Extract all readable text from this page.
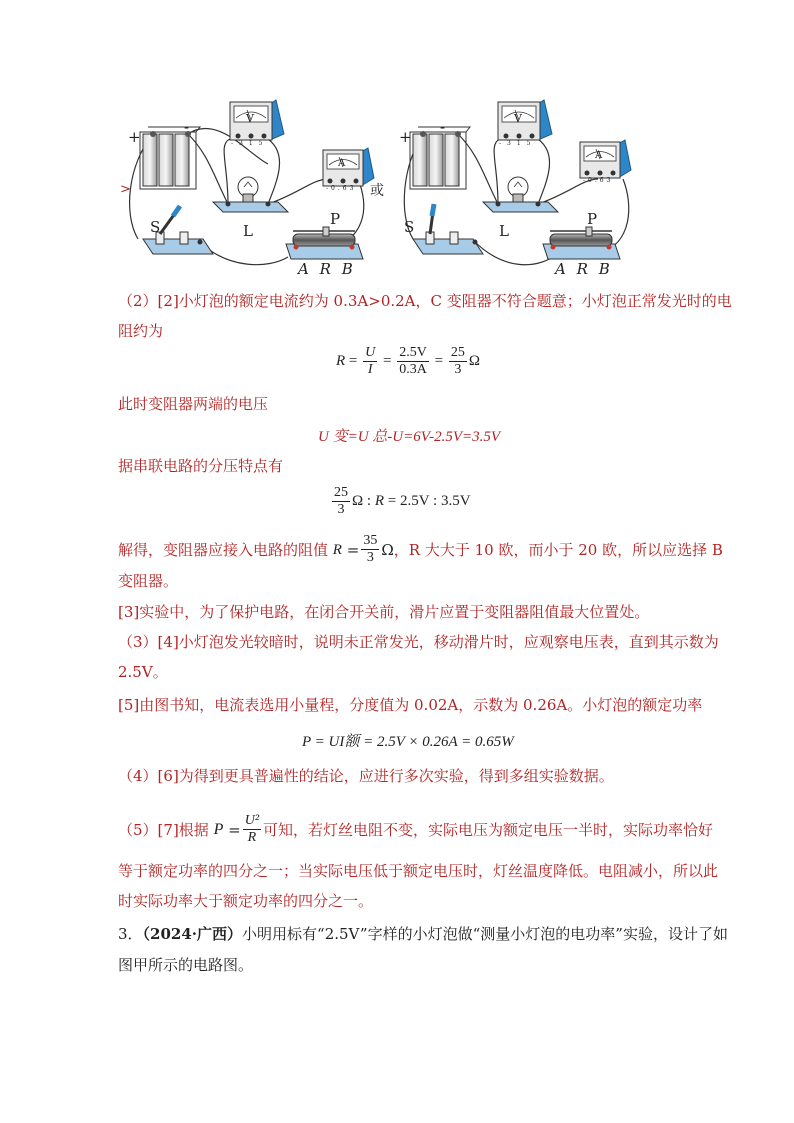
>	或
+
-
+
-
V
-315
V
-315
A
-0.63
A
-0.63
S	L
P
A R B
S	L
P
A R B
（2）[2]小灯泡的额定电流约为 0.3A>0.2A，C 变阻器不符合题意；小灯泡正常发光时的电
阻约为
$R = \frac{U}{I} = \frac{2.5V}{0.3A} = \frac{25}{3}$ Ω
此时变阻器两端的电压
U 变=U 总-U=6V-2.5V=3.5V
据串联电路的分压特点有
$\frac{25}{3}$ Ω : R
= 2.5V : 3.5V
解得，变阻器应接入电路的阻值
R
= $\frac{35}{3}$ Ω ，R 大大于 10 欧，而小于 20 欧，所以应选择 B
变阻器。
[3]实验中，为了保护电路，在闭合开关前，滑片应置于变阻器阻值最大位置处。
（3）[4]小灯泡发光较暗时，说明未正常发光，移动滑片时，应观察电压表，直到其示数为
2.5V。
[5]由图书知，电流表选用小量程，分度值为 0.02A，示数为 0.26A。小灯泡的额定功率
P = UI额 = 2.5V × 0.26A = 0.65W
（4）[6]为得到更具普遍性的结论，应进行多次实验，得到多组实验数据。
（5）[7]根据
$P = \frac{\text{U²}}{R}$ 可知，若灯丝电阻不变，实际电压为额定电压一半时，实际功率恰好
等于额定功率的四分之一；当实际电压低于额定电压时，灯丝温度降低。电阻减小，所以此
时实际功率大于额定功率的四分之一。
3．（2024·广西）小明用标有“2.5V”字样的小灯泡做“测量小灯泡的电功率”实验，设计了如
图甲所示的电路图。
